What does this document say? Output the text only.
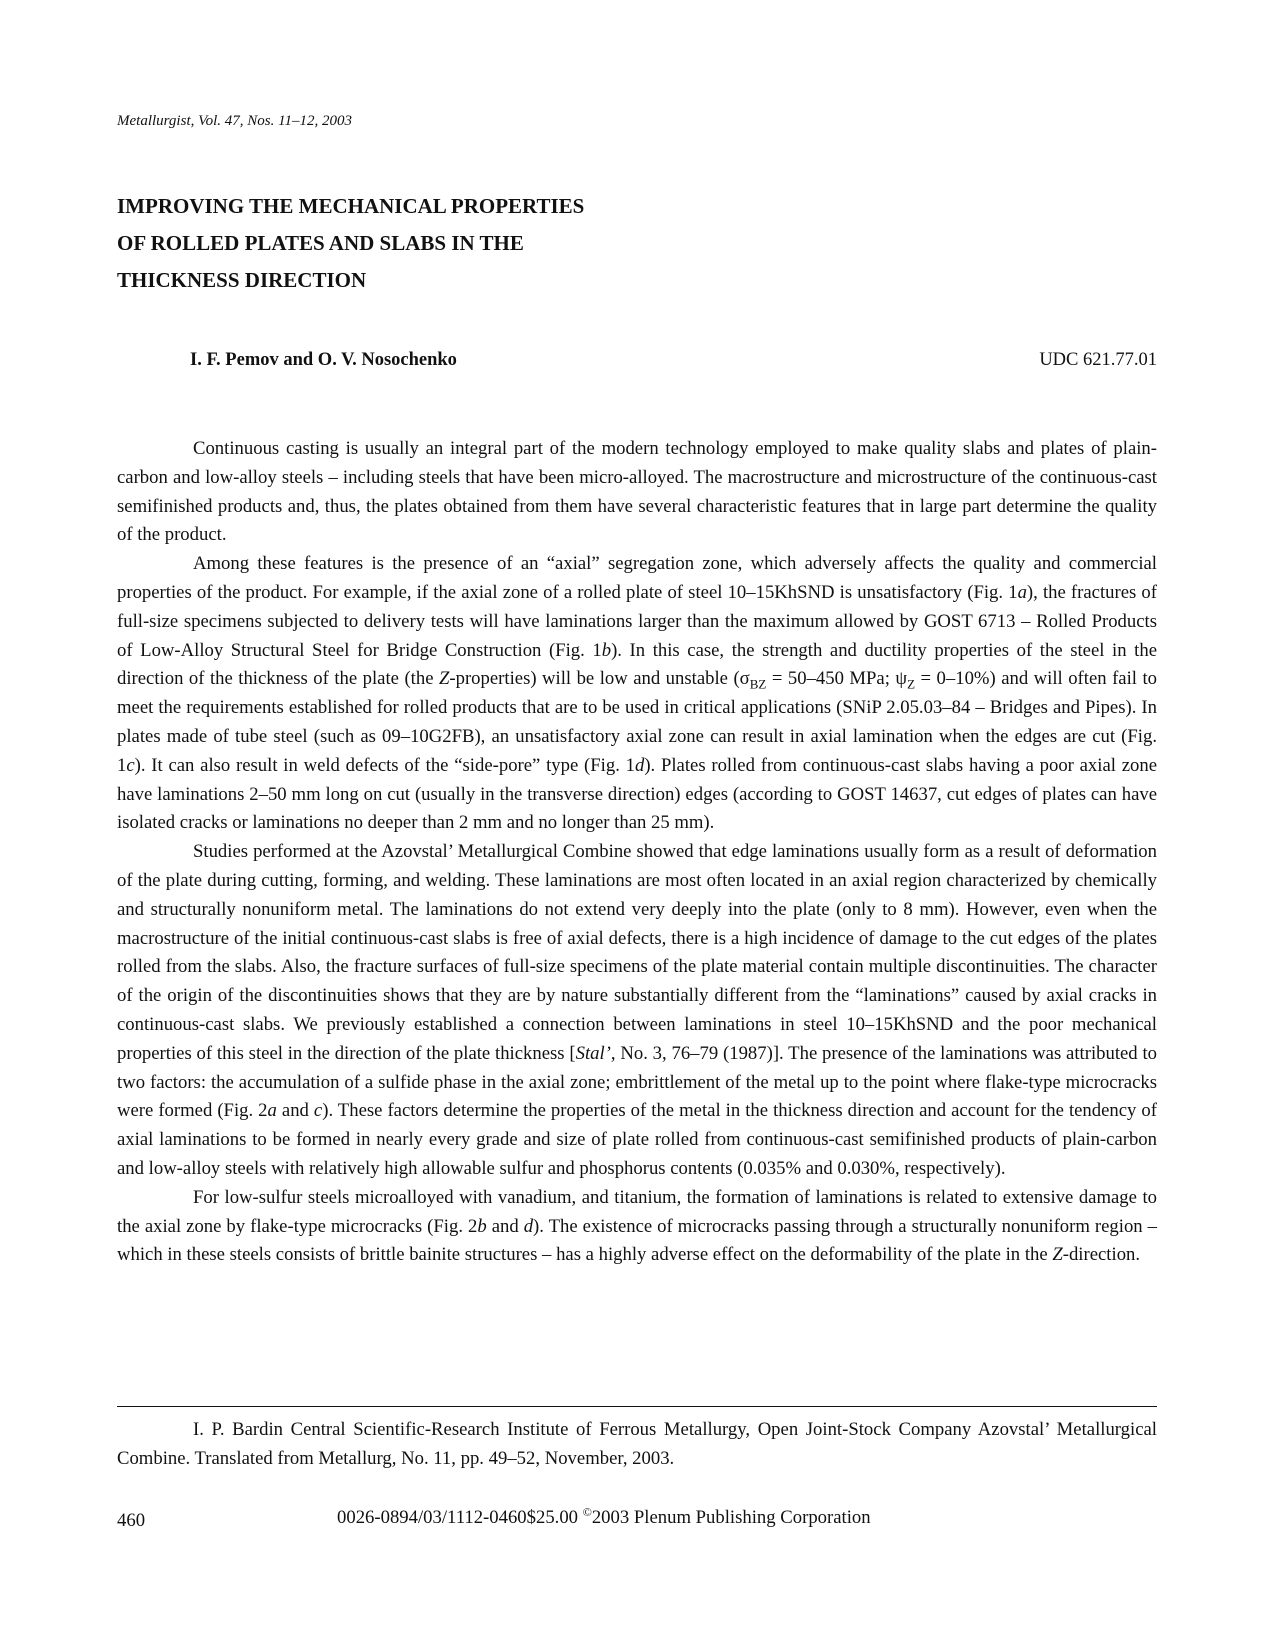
Metallurgist, Vol. 47, Nos. 11–12, 2003
IMPROVING THE MECHANICAL PROPERTIES
OF ROLLED PLATES AND SLABS IN THE
THICKNESS DIRECTION
I. F. Pemov and O. V. Nosochenko	UDC 621.77.01

Continuous casting is usually an integral part of the modern technology employed to make quality slabs and plates of plain-carbon and low-alloy steels – including steels that have been micro-alloyed. The macrostructure and microstructure of the continuous-cast semifinished products and, thus, the plates obtained from them have several characteristic features that in large part determine the quality of the product.

Among these features is the presence of an “axial” segregation zone, which adversely affects the quality and commercial properties of the product. For example, if the axial zone of a rolled plate of steel 10–15KhSND is unsatisfactory (Fig. 1a), the fractures of full-size specimens subjected to delivery tests will have laminations larger than the maximum allowed by GOST 6713 – Rolled Products of Low-Alloy Structural Steel for Bridge Construction (Fig. 1b). In this case, the strength and ductility properties of the steel in the direction of the thickness of the plate (the Z-properties) will be low and unstable ($\sigma_{BZ} = 50-450$ MPa; $\psi_Z = 0-10\%$) and will often fail to meet the requirements established for rolled products that are to be used in critical applications (SNiP 2.05.03–84 – Bridges and Pipes). In plates made of tube steel (such as 09–10G2FB), an unsatisfactory axial zone can result in axial lamination when the edges are cut (Fig. 1c). It can also result in weld defects of the “side-pore” type (Fig. 1d). Plates rolled from continuous-cast slabs having a poor axial zone have laminations 2–50 mm long on cut (usually in the transverse direction) edges (according to GOST 14637, cut edges of plates can have isolated cracks or laminations no deeper than 2 mm and no longer than 25 mm).

Studies performed at the Azovstal’ Metallurgical Combine showed that edge laminations usually form as a result of deformation of the plate during cutting, forming, and welding. These laminations are most often located in an axial region characterized by chemically and structurally nonuniform metal. The laminations do not extend very deeply into the plate (only to 8 mm). However, even when the macrostructure of the initial continuous-cast slabs is free of axial defects, there is a high incidence of damage to the cut edges of the plates rolled from the slabs. Also, the fracture surfaces of full-size specimens of the plate material contain multiple discontinuities. The character of the origin of the discontinuities shows that they are by nature substantially different from the “laminations” caused by axial cracks in continuous-cast slabs. We previously established a connection between laminations in steel 10–15KhSND and the poor mechanical properties of this steel in the direction of the plate thickness [Stal’, No. 3, 76–79 (1987)]. The presence of the laminations was attributed to two factors: the accumulation of a sulfide phase in the axial zone; embrittlement of the metal up to the point where flake-type microcracks were formed (Fig. 2a and c). These factors determine the properties of the metal in the thickness direction and account for the tendency of axial laminations to be formed in nearly every grade and size of plate rolled from continuous-cast semifinished products of plain-carbon and low-alloy steels with relatively high allowable sulfur and phosphorus contents (0.035% and 0.030%, respectively).

For low-sulfur steels microalloyed with vanadium, and titanium, the formation of laminations is related to extensive damage to the axial zone by flake-type microcracks (Fig. 2b and d). The existence of microcracks passing through a structurally nonuniform region – which in these steels consists of brittle bainite structures – has a highly adverse effect on the deformability of the plate in the Z-direction.

I. P. Bardin Central Scientific-Research Institute of Ferrous Metallurgy, Open Joint-Stock Company Azovstal’ Metallurgical Combine. Translated from Metallurg, No. 11, pp. 49–52, November, 2003.
460	0026-0894/03/1112-0460$25.00 ©2003 Plenum Publishing Corporation
